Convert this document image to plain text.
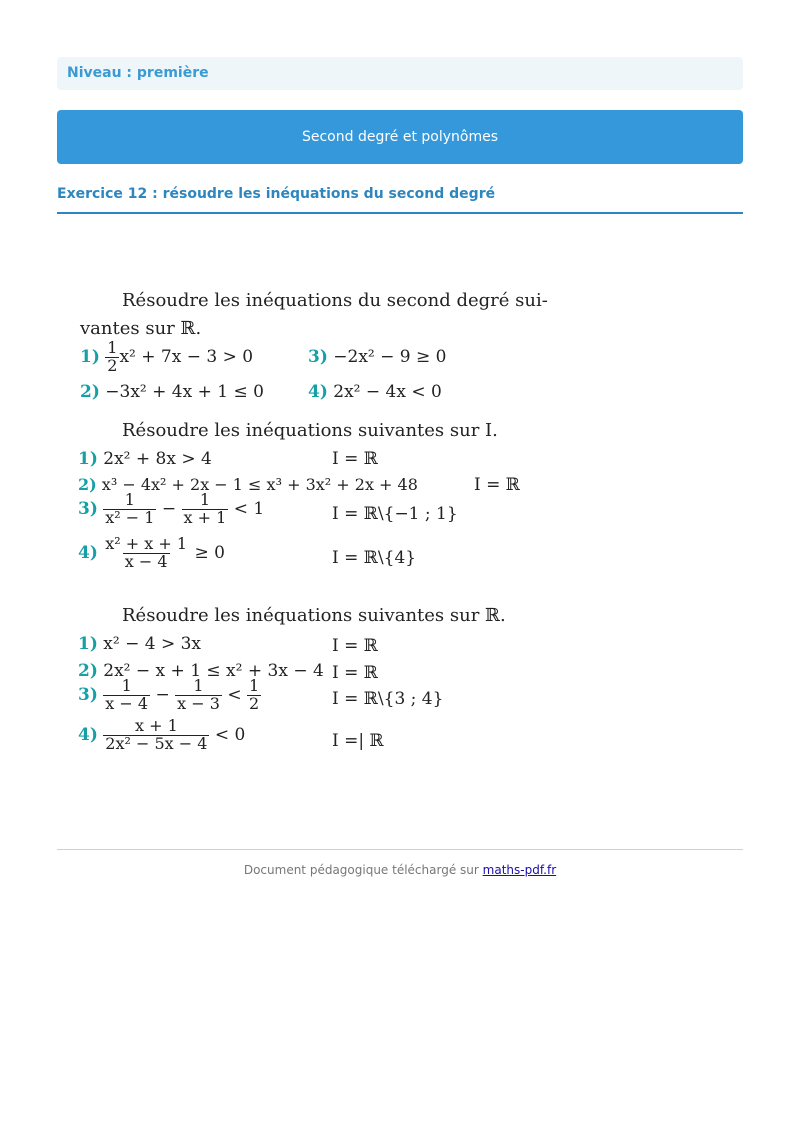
Niveau : première
Second degré et polynômes
Exercice 12 : résoudre les inéquations du second degré
Résoudre les inéquations du second degré sui-
vantes sur ℝ.
$1) \frac{1}{2} x^2 + 7x - 3 > 0$	3) −2x² − 9 ≥ 0
2) −3x² + 4x + 1 ≤ 0	4) 2x² − 4x < 0
Résoudre les inéquations suivantes sur I.
1) 2x² + 8x > 4	I = ℝ
2) x³ − 4x² + 2x − 1 ≤ x³ + 3x² + 2x + 48	I = ℝ
$3) \frac{1}{\text{x² − 1}} - \frac{1}{x + 1} < 1$	I = ℝ\{−1 ; 1}
$4) \frac{\text{x² + x + 1}}{x - 4} \ge 0$	I = ℝ\{4}
Résoudre les inéquations suivantes sur ℝ.
1) x² − 4 > 3x	I = ℝ
2) 2x² − x + 1 ≤ x² + 3x − 4 I = ℝ
$3) \frac{1}{x - 4} - \frac{1}{x - 3} < \frac{1}{2}$	I = ℝ\{3 ; 4}
$4) \frac{x + 1}{\text{2x² − 5x − 4}} < 0$	I =| ℝ
Document pédagogique téléchargé sur maths-pdf.fr
